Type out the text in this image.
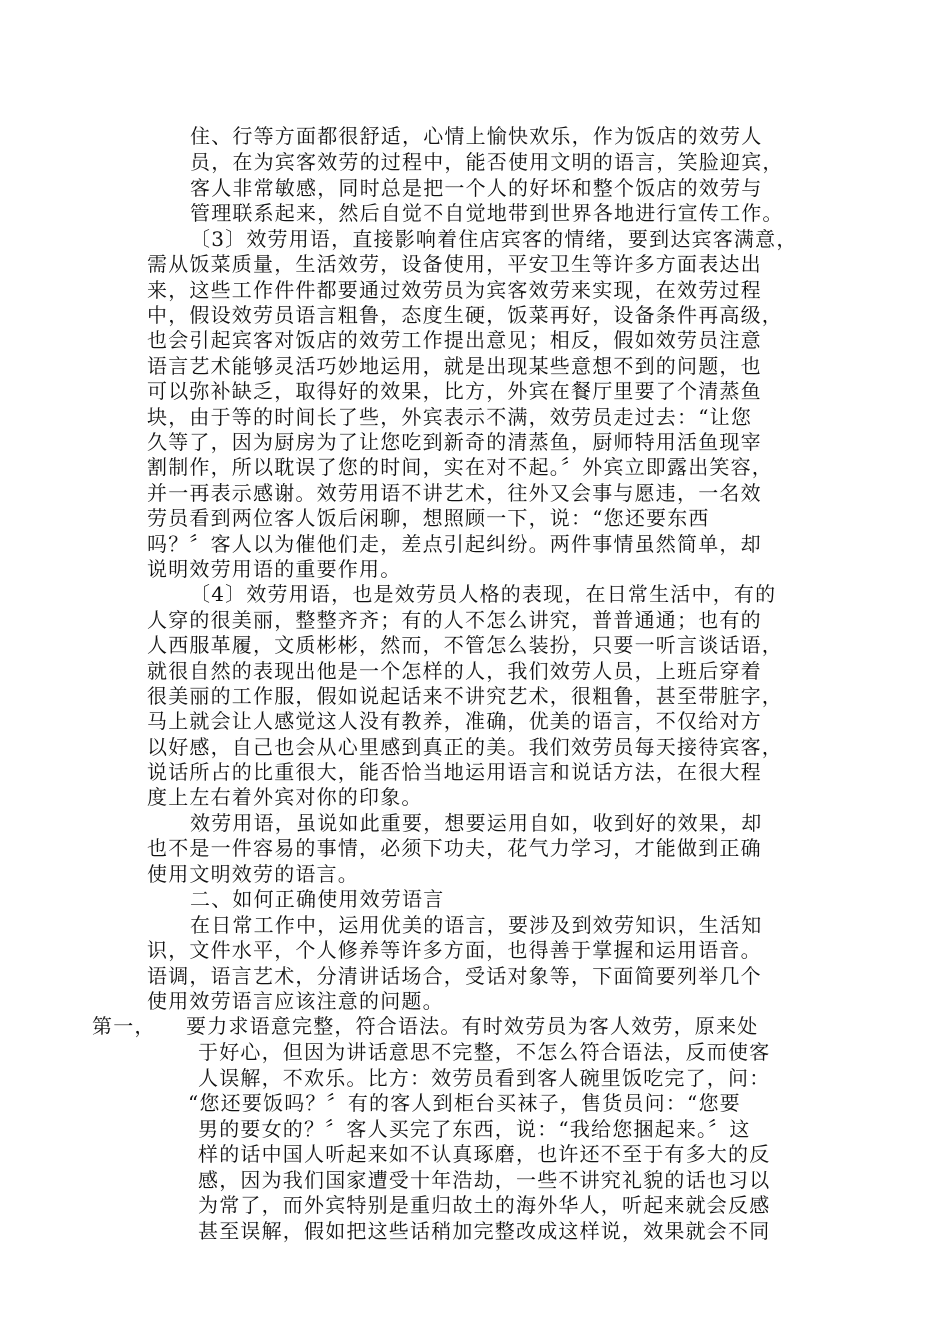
住、行等方面都很舒适，心情上愉快欢乐，作为饭店的效劳人
员，在为宾客效劳的过程中，能否使用文明的语言，笑脸迎宾，
客人非常敏感，同时总是把一个人的好坏和整个饭店的效劳与
管理联系起来，然后自觉不自觉地带到世界各地进行宣传工作。
〔3〕效劳用语，直接影响着住店宾客的情绪，要到达宾客满意，
需从饭菜质量，生活效劳，设备使用，平安卫生等许多方面表达出
来，这些工作件件都要通过效劳员为宾客效劳来实现，在效劳过程
中，假设效劳员语言粗鲁，态度生硬，饭菜再好，设备条件再高级，
也会引起宾客对饭店的效劳工作提出意见；相反，假如效劳员注意
语言艺术能够灵活巧妙地运用，就是出现某些意想不到的问题，也
可以弥补缺乏，取得好的效果，比方，外宾在餐厅里要了个清蒸鱼
块，由于等的时间长了些，外宾表示不满，效劳员走过去：“让您
久等了，因为厨房为了让您吃到新奇的清蒸鱼，厨师特用活鱼现宰
割制作，所以耽误了您的时间，实在对不起。〞外宾立即露出笑容，
并一再表示感谢。效劳用语不讲艺术，往外又会事与愿违，一名效
劳员看到两位客人饭后闲聊，想照顾一下，说：“您还要东西
吗？〞客人以为催他们走，差点引起纠纷。两件事情虽然简单，却
说明效劳用语的重要作用。
〔4〕效劳用语，也是效劳员人格的表现，在日常生活中，有的
人穿的很美丽，整整齐齐；有的人不怎么讲究，普普通通；也有的
人西服革履，文质彬彬，然而，不管怎么装扮，只要一听言谈话语，
就很自然的表现出他是一个怎样的人，我们效劳人员，上班后穿着
很美丽的工作服，假如说起话来不讲究艺术，很粗鲁，甚至带脏字，
马上就会让人感觉这人没有教养，准确，优美的语言，不仅给对方
以好感，自己也会从心里感到真正的美。我们效劳员每天接待宾客，
说话所占的比重很大，能否恰当地运用语言和说话方法，在很大程
度上左右着外宾对你的印象。
效劳用语，虽说如此重要，想要运用自如，收到好的效果，却
也不是一件容易的事情，必须下功夫，花气力学习，才能做到正确
使用文明效劳的语言。
二、如何正确使用效劳语言
在日常工作中，运用优美的语言，要涉及到效劳知识，生活知
识，文件水平，个人修养等许多方面，也得善于掌握和运用语音。
语调，语言艺术，分清讲话场合，受话对象等，下面简要列举几个
使用效劳语言应该注意的问题。
第一， 要力求语意完整，符合语法。有时效劳员为客人效劳，原来处
于好心，但因为讲话意思不完整，不怎么符合语法，反而使客
人误解，不欢乐。比方：效劳员看到客人碗里饭吃完了，问：
“您还要饭吗？〞有的客人到柜台买袜子，售货员问：“您要
男的要女的？〞客人买完了东西，说：“我给您捆起来。〞这
样的话中国人听起来如不认真琢磨，也许还不至于有多大的反
感，因为我们国家遭受十年浩劫，一些不讲究礼貌的话也习以
为常了，而外宾特别是重归故土的海外华人，听起来就会反感
甚至误解，假如把这些话稍加完整改成这样说，效果就会不同
